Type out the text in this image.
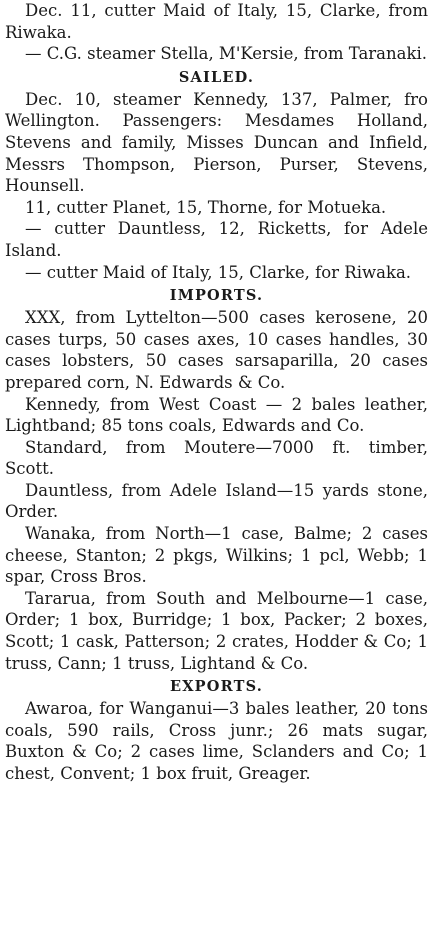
Dec. 11, cutter Maid of Italy, 15, Clarke, from Riwaka.

— C.G. steamer Stella, M'Kersie, from Taranaki.

SAILED.

Dec. 10, steamer Kennedy, 137, Palmer, fro Wellington. Passengers: Mesdames Holland, Stevens and family, Misses Duncan and Infield, Messrs Thompson, Pierson, Purser, Stevens, Hounsell.

11, cutter Planet, 15, Thorne, for Motueka.

— cutter Dauntless, 12, Ricketts, for Adele Island.

— cutter Maid of Italy, 15, Clarke, for Riwaka.

IMPORTS.

XXX, from Lyttelton—500 cases kerosene, 20 cases turps, 50 cases axes, 10 cases handles, 30 cases lobsters, 50 cases sarsaparilla, 20 cases prepared corn, N. Edwards & Co.

Kennedy, from West Coast — 2 bales leather, Lightband; 85 tons coals, Edwards and Co.

Standard, from Moutere—7000 ft. timber, Scott.

Dauntless, from Adele Island—15 yards stone, Order.

Wanaka, from North—1 case, Balme; 2 cases cheese, Stanton; 2 pkgs, Wilkins; 1 pcl, Webb; 1 spar, Cross Bros.

Tararua, from South and Melbourne—1 case, Order; 1 box, Burridge; 1 box, Packer; 2 boxes, Scott; 1 cask, Patterson; 2 crates, Hodder & Co; 1 truss, Cann; 1 truss, Lightand & Co.

EXPORTS.

Awaroa, for Wanganui—3 bales leather, 20 tons coals, 590 rails, Cross junr.; 26 mats sugar, Buxton & Co; 2 cases lime, Sclanders and Co; 1 chest, Convent; 1 box fruit, Greager.
